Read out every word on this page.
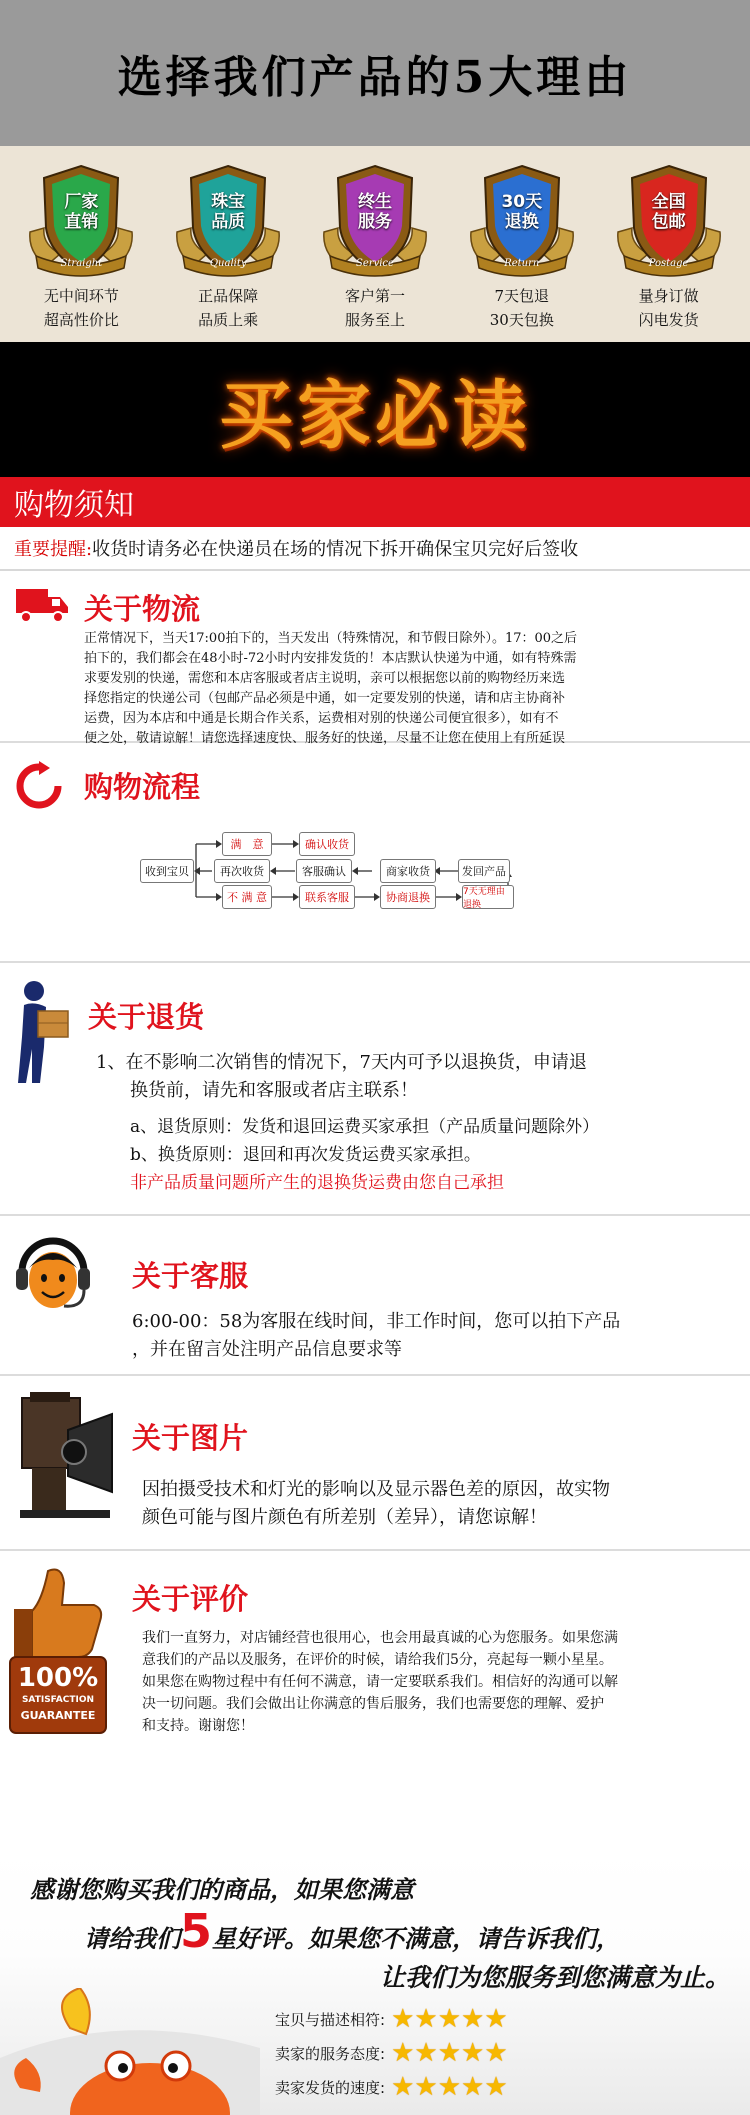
选择我们产品的5大理由
厂家
直销
Straight
无中间环节
超高性价比
珠宝
品质
Quality
正品保障
品质上乘
终生
服务
Service
客户第一
服务至上
30天
退换
Return
7天包退
30天包换
全国
包邮
Postage
量身订做
闪电发货
买家必读
购物须知
重要提醒: 收货时请务必在快递员在场的情况下拆开确保宝贝完好后签收
关于物流
正常情况下，当天17:00拍下的，当天发出（特殊情况，和节假日除外）。17：00之后
拍下的，我们都会在48小时-72小时内安排发货的！本店默认快递为中通，如有特殊需
求要发别的快递，需您和本店客服或者店主说明，亲可以根据您以前的购物经历来选
择您指定的快递公司（包邮产品必须是中通，如一定要发别的快递，请和店主协商补
运费，因为本店和中通是长期合作关系，运费相对别的快递公司便宜很多），如有不
便之处，敬请谅解！请您选择速度快、服务好的快递，尽量不让您在使用上有所延误
购物流程
满　意	确认收货
收到宝贝	再次收货	客服确认	商家收货	发回产品
不 满 意	联系客服	协商退换	7天无理由退换
关于退货
1、在不影响二次销售的情况下，7天内可予以退换货，申请退
换货前，请先和客服或者店主联系！
a、退货原则：发货和退回运费买家承担（产品质量问题除外）
b、换货原则：退回和再次发货运费买家承担。
非产品质量问题所产生的退换货运费由您自己承担
关于客服
6:00-00：58为客服在线时间，非工作时间，您可以拍下产品
，并在留言处注明产品信息要求等
关于图片
因拍摄受技术和灯光的影响以及显示器色差的原因，故实物
颜色可能与图片颜色有所差别（差异），请您谅解！
100%
SATISFACTION
GUARANTEE
关于评价
我们一直努力，对店铺经营也很用心，也会用最真诚的心为您服务。如果您满
意我们的产品以及服务，在评价的时候，请给我们5分，亮起每一颗小星星。
如果您在购物过程中有任何不满意，请一定要联系我们。相信好的沟通可以解
决一切问题。我们会做出让你满意的售后服务，我们也需要您的理解、爱护
和支持。谢谢您！
感谢您购买我们的商品，如果您满意
请给我们5星好评。如果您不满意，请告诉我们，
让我们为您服务到您满意为止。
宝贝与描述相符: ★ ★ ★ ★ ★
卖家的服务态度: ★ ★ ★ ★ ★
卖家发货的速度: ★ ★ ★ ★ ★
